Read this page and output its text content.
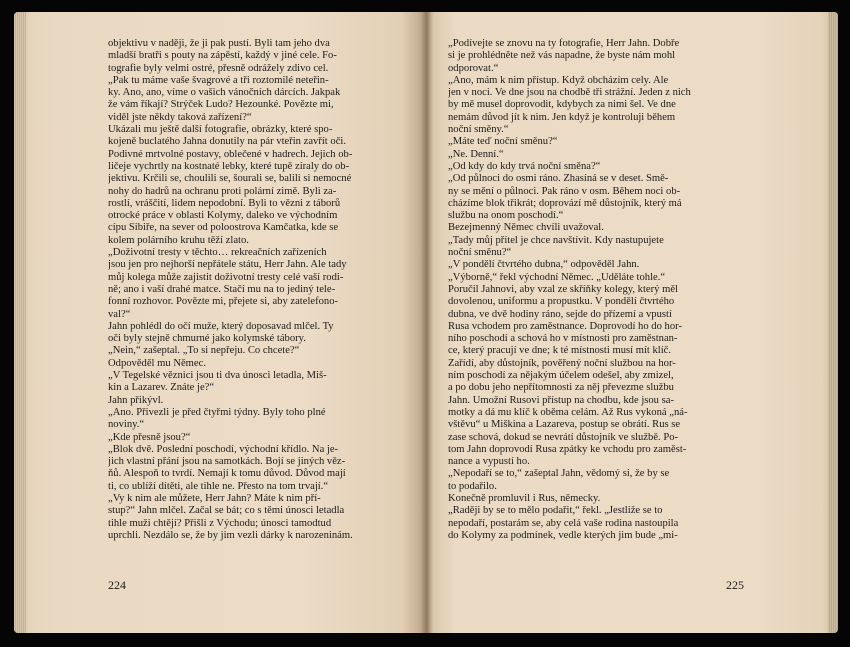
objektivu v naději, že ji pak pustí. Byli tam jeho dva
mladší bratři s pouty na zápěstí, každý v jiné cele. Fo-
tografie byly velmi ostré, přesně odrážely zdivo cel.
„Pak tu máme vaše švagrové a tři roztomilé neteřin-
ky. Ano, ano, víme o vašich vánočních dárcích. Jakpak
že vám říkají? Strýček Ludo? Hezounké. Povězte mi,
viděl jste někdy taková zařízení?“
Ukázali mu ještě další fotografie, obrázky, které spo-
kojeně buclatého Jahna donutily na pár vteřin zavřít oči.
Podivné mrtvolné postavy, oblečené v hadrech. Jejich ob-
ličeje vychrtly na kostnaté lebky, které tupě zíraly do ob-
jektivu. Krčili se, choulili se, šourali se, balili si nemocné
nohy do hadrů na ochranu proti polární zimě. Byli za-
rostlí, vráščití, lidem nepodobní. Byli to vězni z táborů
otrocké práce v oblasti Kolymy, daleko ve východním
cípu Sibiře, na sever od poloostrova Kamčatka, kde se
kolem polárního kruhu těží zlato.
„Doživotní tresty v těchto… rekreačních zařízeních
jsou jen pro nejhorší nepřátele státu, Herr Jahn. Ale tady
můj kolega může zajistit doživotní tresty celé vaší rodi-
ně; ano i vaší drahé matce. Stačí mu na to jediný tele-
fonní rozhovor. Povězte mi, přejete si, aby zatelefono-
val?“
Jahn pohlédl do očí muže, který doposavad mlčel. Ty
oči byly stejně chmurné jako kolymské tábory.
„Nein,“ zašeptal. „To si nepřeju. Co chcete?“
Odpověděl mu Němec.
„V Tegelské věznici jsou ti dva únosci letadla, Miš-
kin a Lazarev. Znáte je?“
Jahn přikývl.
„Ano. Přivezli je před čtyřmi týdny. Byly toho plné
noviny.“
„Kde přesně jsou?“
„Blok dvě. Poslední poschodí, východní křídlo. Na je-
jich vlastní přání jsou na samotkách. Bojí se jiných věz-
ňů. Alespoň to tvrdí. Nemají k tomu důvod. Důvod mají
ti, co ublíží dítěti, ale tihle ne. Přesto na tom trvají.“
„Vy k nim ale můžete, Herr Jahn? Máte k nim pří-
stup?“ Jahn mlčel. Začal se bát; co s těmi únosci letadla
tihle muži chtějí? Přišli z Východu; únosci tamodtud
uprchli. Nezdálo se, že by jim vezli dárky k narozeninám.
224
„Podívejte se znovu na ty fotografie, Herr Jahn. Dobře
si je prohlédněte než vás napadne, že byste nám mohl
odporovat.“
„Ano, mám k nim přístup. Když obcházím cely. Ale
jen v noci. Ve dne jsou na chodbě tři strážní. Jeden z nich
by mě musel doprovodit, kdybych za nimi šel. Ve dne
nemám důvod jít k nim. Jen když je kontroluji během
noční směny.“
„Máte teď noční směnu?“
„Ne. Denní.“
„Od kdy do kdy trvá noční směna?“
„Od půlnoci do osmi ráno. Zhasíná se v deset. Smě-
ny se mění o půlnoci. Pak ráno v osm. Během noci ob-
cházíme blok třikrát; doprovází mě důstojník, který má
službu na onom poschodí.“
Bezejmenný Němec chvíli uvažoval.
„Tady můj přítel je chce navštívit. Kdy nastupujete
noční směnu?“
„V pondělí čtvrtého dubna,“ odpověděl Jahn.
„Výborně,“ řekl východní Němec. „Uděláte tohle.“
Poručil Jahnovi, aby vzal ze skříňky kolegy, který měl
dovolenou, uniformu a propustku. V pondělí čtvrtého
dubna, ve dvě hodiny ráno, sejde do přízemí a vpustí
Rusa vchodem pro zaměstnance. Doprovodí ho do hor-
ního poschodí a schová ho v místnosti pro zaměstnan-
ce, který pracují ve dne; k té místnosti musí mít klíč.
Zařídí, aby důstojník, pověřený noční službou na hor-
ním poschodí za nějakým účelem odešel, aby zmizel,
a po dobu jeho nepřítomnosti za něj převezme službu
Jahn. Umožní Rusovi přístup na chodbu, kde jsou sa-
motky a dá mu klíč k oběma celám. Až Rus vykoná „ná-
vštěvu“ u Miškina a Lazareva, postup se obrátí. Rus se
zase schová, dokud se nevrátí důstojník ve službě. Po-
tom Jahn doprovodí Rusa zpátky ke vchodu pro zaměst-
nance a vypustí ho.
„Nepodaří se to,“ zašeptal Jahn, vědomý si, že by se
to podařilo.
Konečně promluvil i Rus, německy.
„Raději by se to mělo podařit,“ řekl. „Jestliže se to
nepodaří, postarám se, aby celá vaše rodina nastoupila
do Kolymy za podmínek, vedle kterých jim bude „mi-
225
